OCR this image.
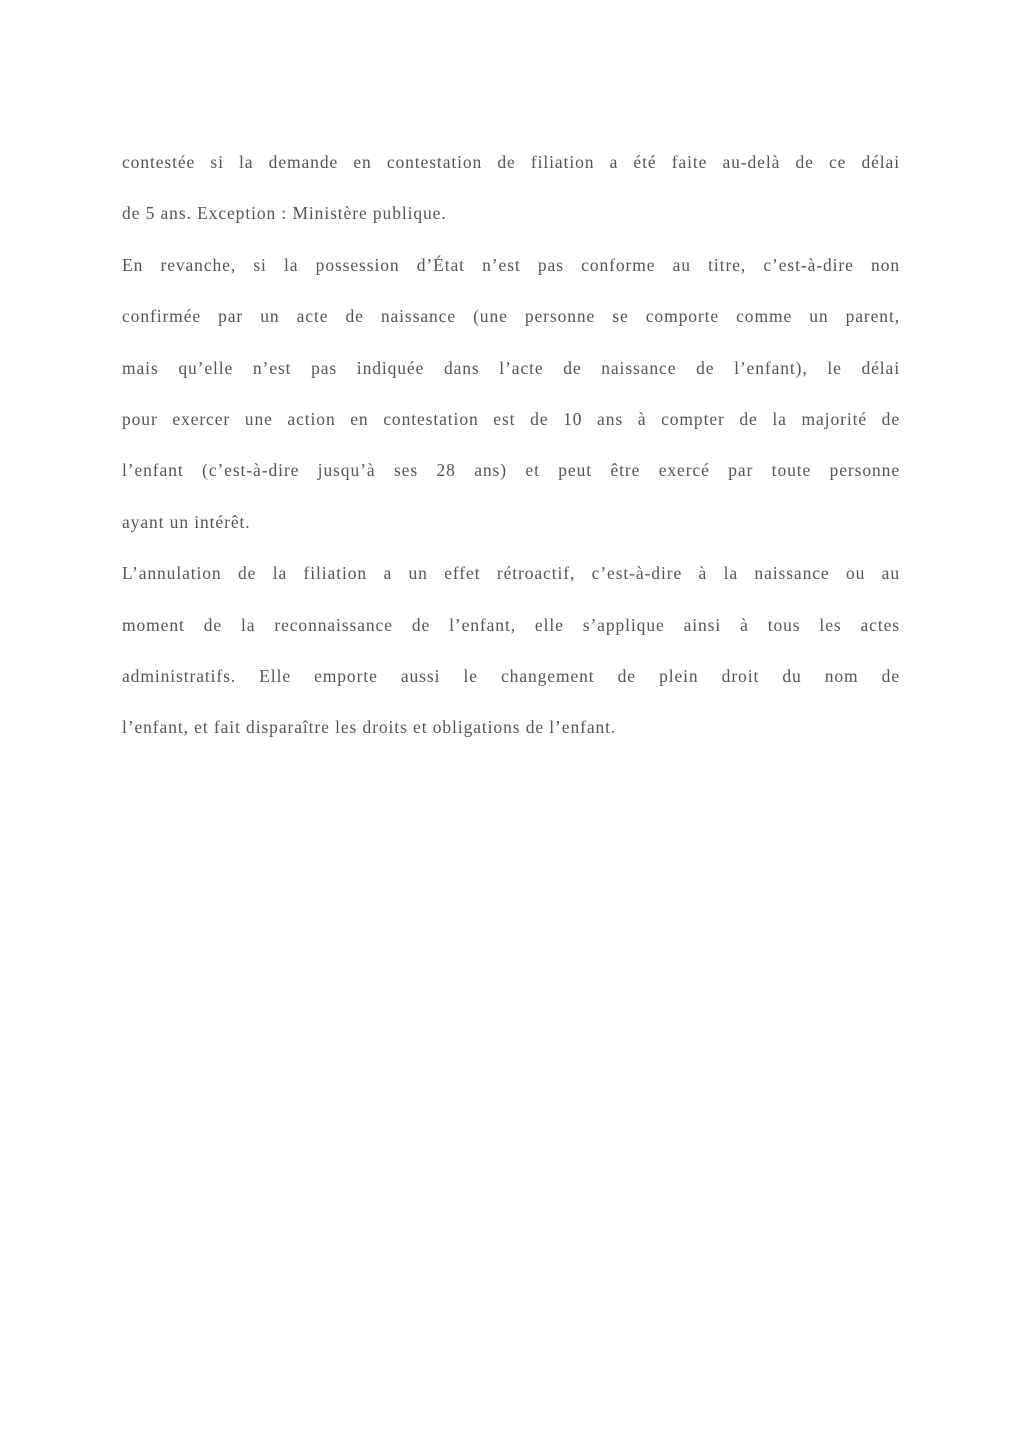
contestée si la demande en contestation de filiation a été faite au-delà de ce délai
de 5 ans. Exception : Ministère publique.
En revanche, si la possession d’État n’est pas conforme au titre, c’est-à-dire non
confirmée par un acte de naissance (une personne se comporte comme un parent,
mais qu’elle n’est pas indiquée dans l’acte de naissance de l’enfant), le délai
pour exercer une action en contestation est de 10 ans à compter de la majorité de
l’enfant (c’est-à-dire jusqu’à ses 28 ans) et peut être exercé par toute personne
ayant un intérêt.
L’annulation de la filiation a un effet rétroactif, c’est-à-dire à la naissance ou au
moment de la reconnaissance de l’enfant, elle s’applique ainsi à tous les actes
administratifs. Elle emporte aussi le changement de plein droit du nom de
l’enfant, et fait disparaître les droits et obligations de l’enfant.
